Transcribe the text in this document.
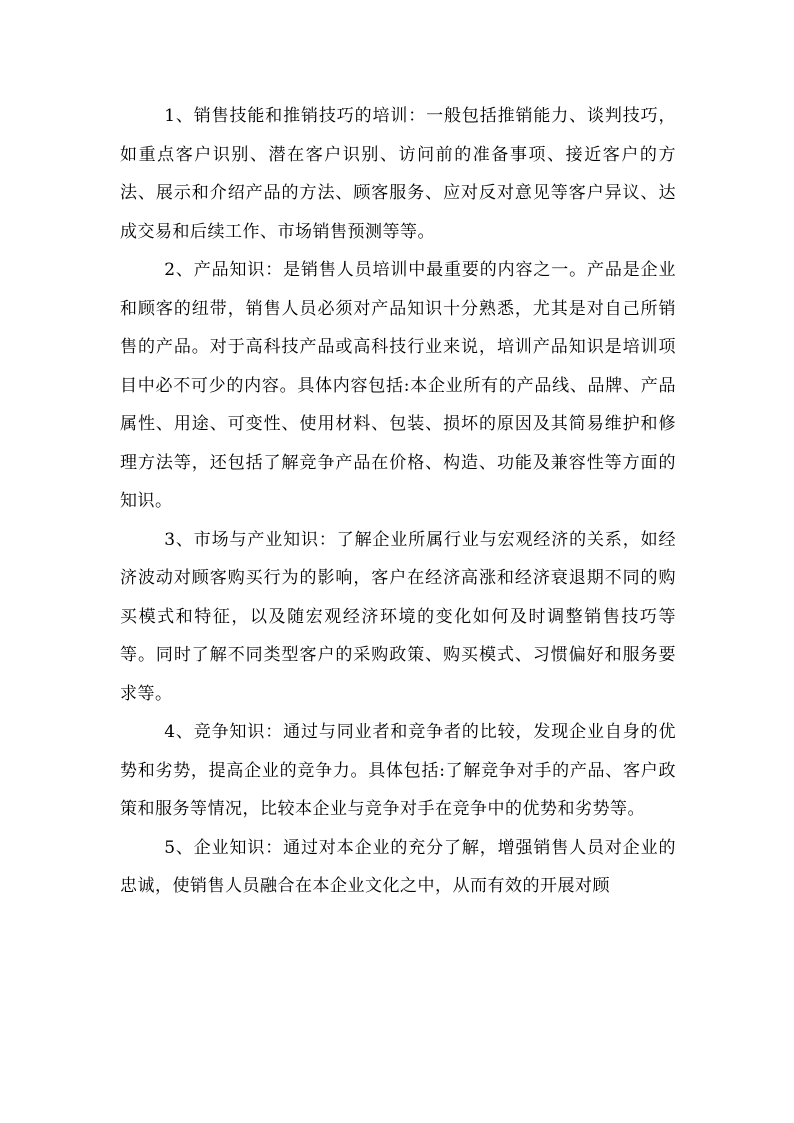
1、销售技能和推销技巧的培训：一般包括推销能力、谈判技巧，如重点客户识别、潜在客户识别、访问前的准备事项、接近客户的方法、展示和介绍产品的方法、顾客服务、应对反对意见等客户异议、达成交易和后续工作、市场销售预测等等。

2、产品知识：是销售人员培训中最重要的内容之一。产品是企业和顾客的纽带，销售人员必须对产品知识十分熟悉，尤其是对自己所销售的产品。对于高科技产品或高科技行业来说，培训产品知识是培训项目中必不可少的内容。具体内容包括:本企业所有的产品线、品牌、产品属性、用途、可变性、使用材料、包装、损坏的原因及其简易维护和修理方法等，还包括了解竞争产品在价格、构造、功能及兼容性等方面的知识。

3、市场与产业知识：了解企业所属行业与宏观经济的关系，如经济波动对顾客购买行为的影响，客户在经济高涨和经济衰退期不同的购买模式和特征，以及随宏观经济环境的变化如何及时调整销售技巧等等。同时了解不同类型客户的采购政策、购买模式、习惯偏好和服务要求等。

4、竞争知识：通过与同业者和竞争者的比较，发现企业自身的优势和劣势，提高企业的竞争力。具体包括:了解竞争对手的产品、客户政策和服务等情况，比较本企业与竞争对手在竞争中的优势和劣势等。

5、企业知识：通过对本企业的充分了解，增强销售人员对企业的忠诚，使销售人员融合在本企业文化之中，从而有效的开展对顾
